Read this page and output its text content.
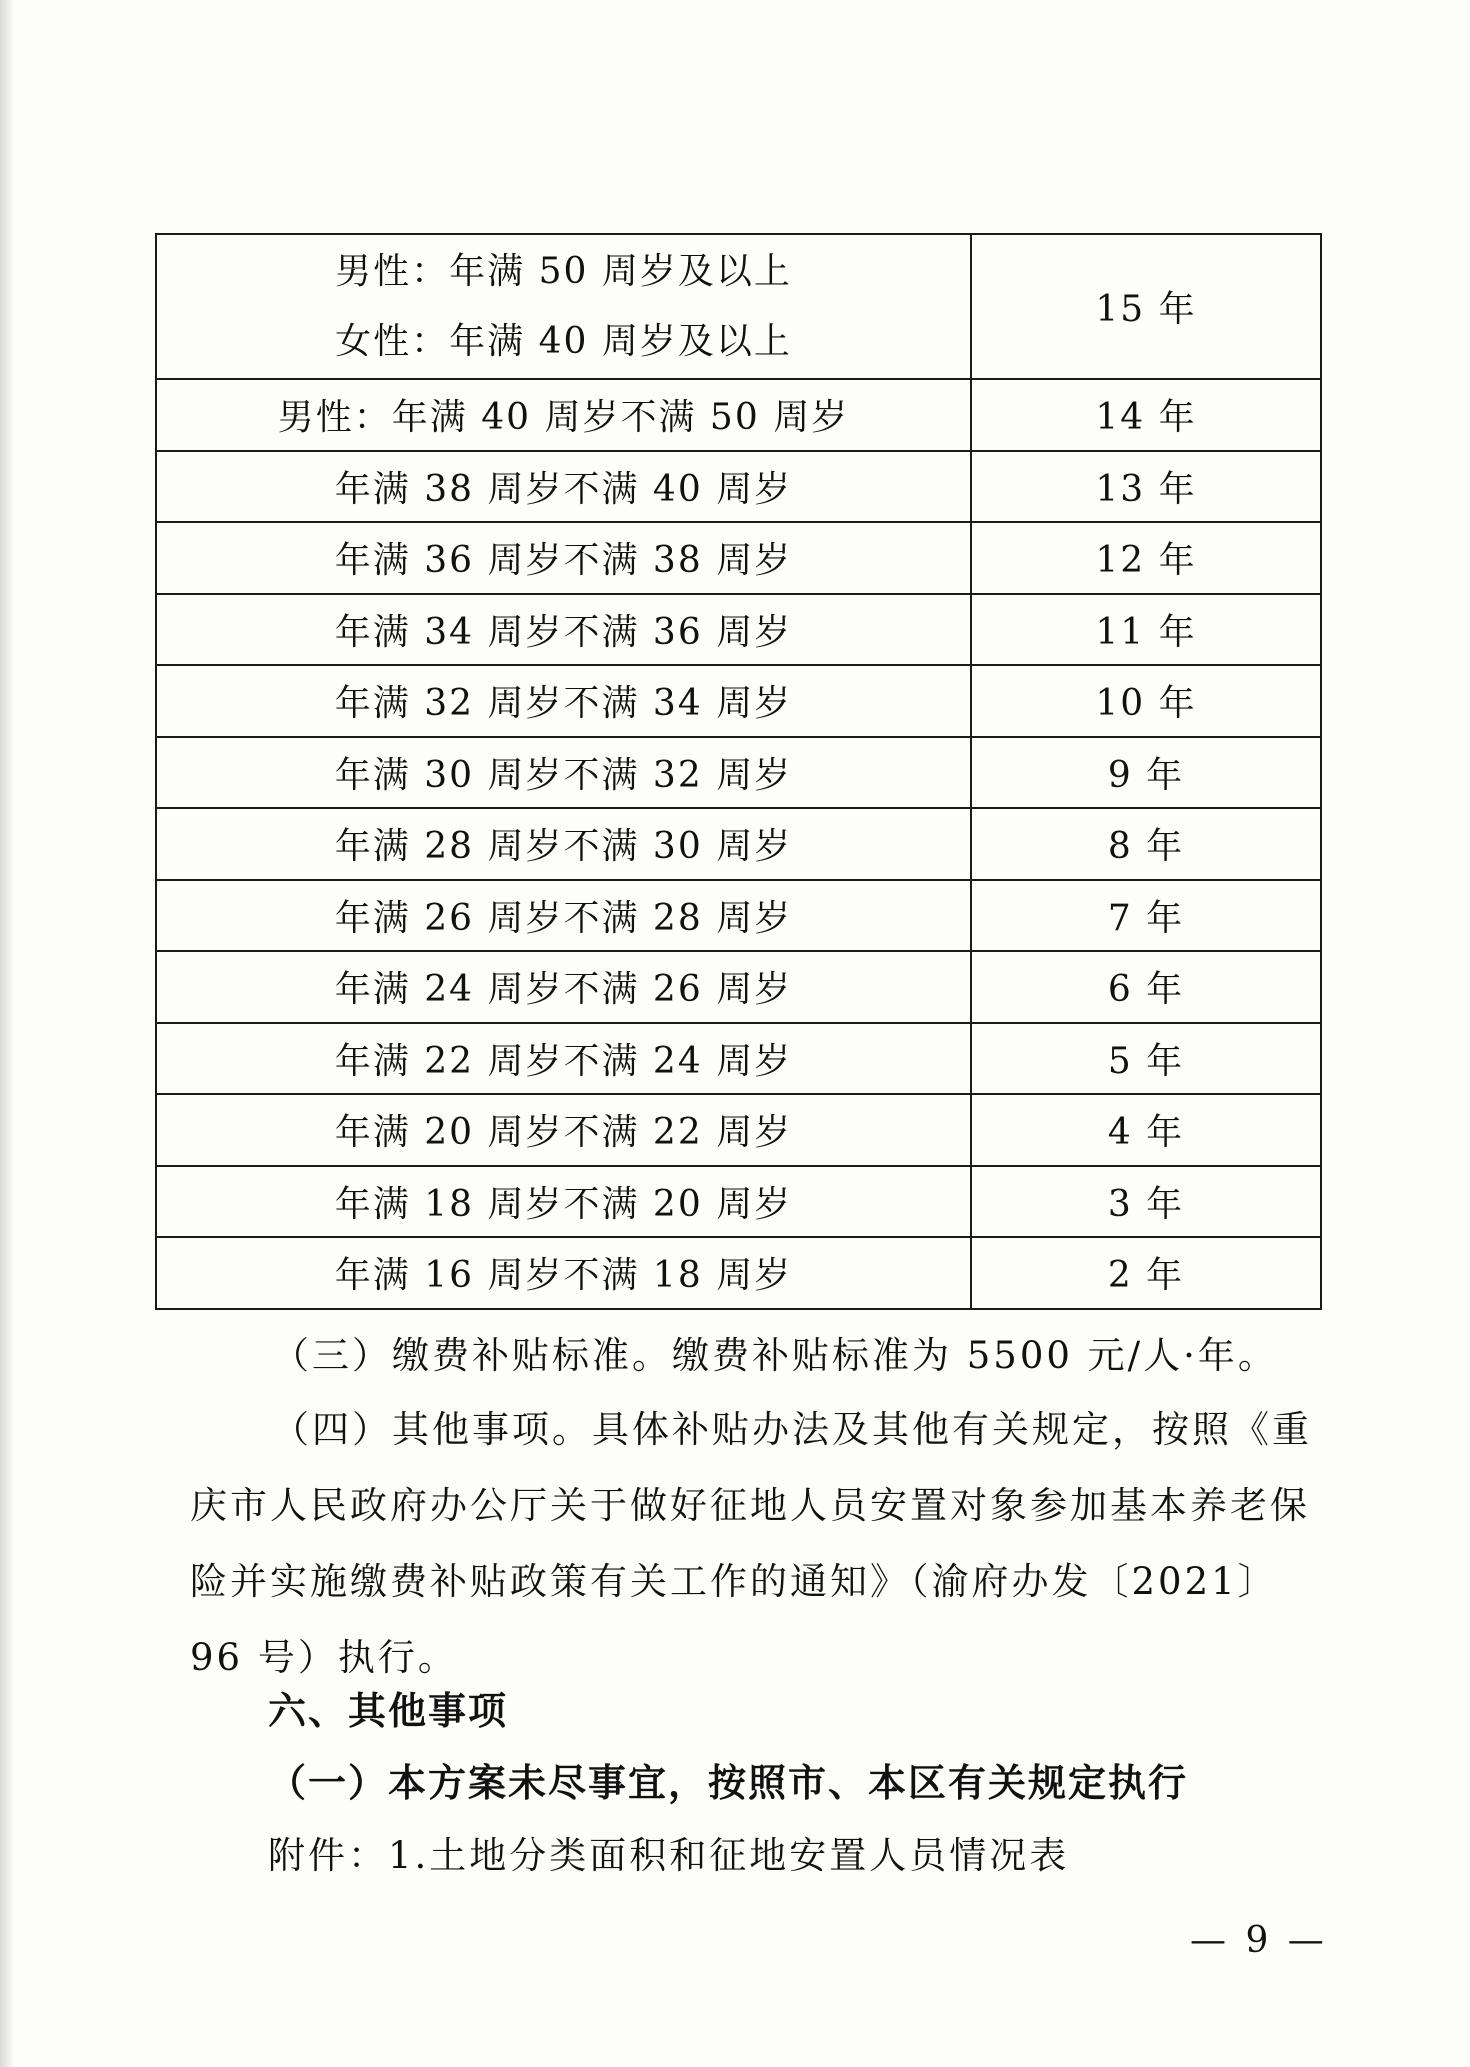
男性：年满 50 周岁及以上
女性：年满 40 周岁及以上	15 年
男性：年满 40 周岁不满 50 周岁	14 年
年满 38 周岁不满 40 周岁	13 年
年满 36 周岁不满 38 周岁	12 年
年满 34 周岁不满 36 周岁	11 年
年满 32 周岁不满 34 周岁	10 年
年满 30 周岁不满 32 周岁	9 年
年满 28 周岁不满 30 周岁	8 年
年满 26 周岁不满 28 周岁	7 年
年满 24 周岁不满 26 周岁	6 年
年满 22 周岁不满 24 周岁	5 年
年满 20 周岁不满 22 周岁	4 年
年满 18 周岁不满 20 周岁	3 年
年满 16 周岁不满 18 周岁	2 年

（三）缴费补贴标准。缴费补贴标准为 5500 元/人·年。

（四）其他事项。具体补贴办法及其他有关规定，按照《重庆市人民政府办公厅关于做好征地人员安置对象参加基本养老保险并实施缴费补贴政策有关工作的通知》（渝府办发〔2021〕96 号）执行。

六、其他事项

（一）本方案未尽事宜，按照市、本区有关规定执行

附件：1.土地分类面积和征地安置人员情况表

— 9 —
